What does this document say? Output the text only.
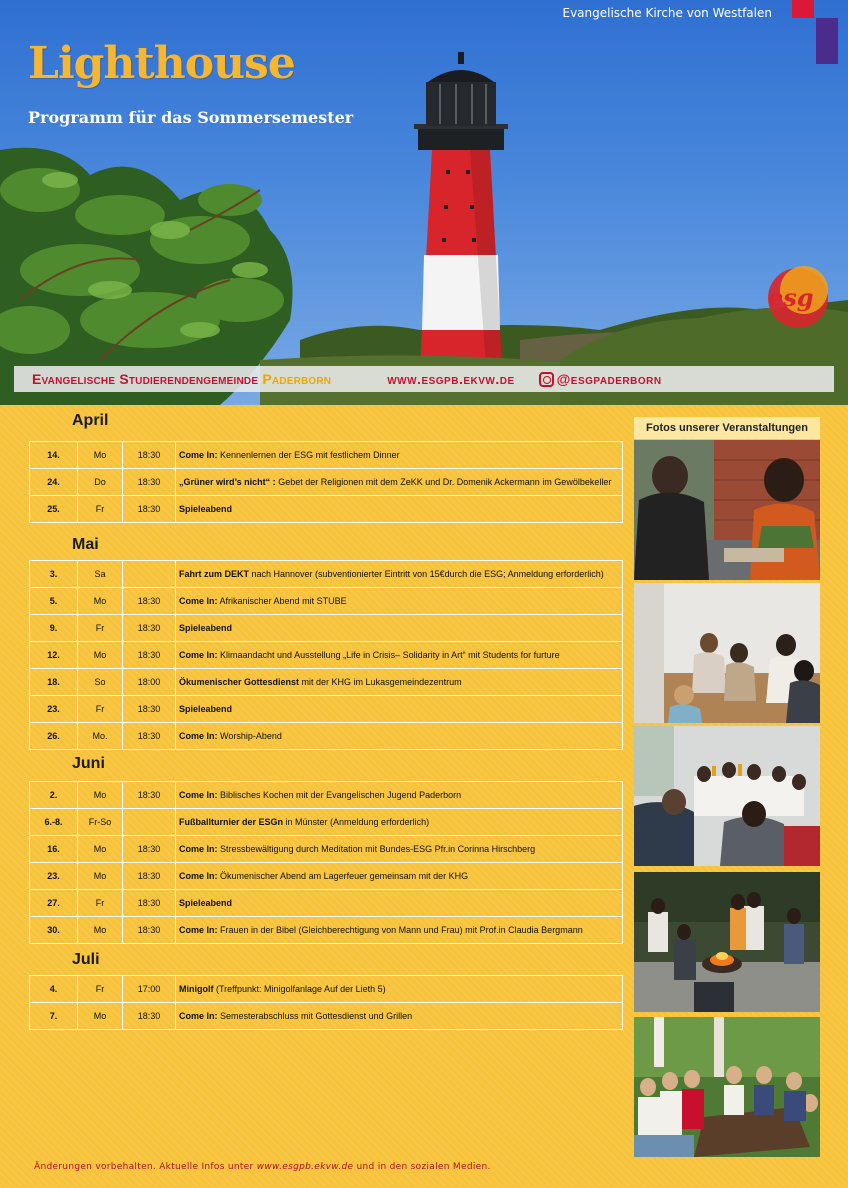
Evangelische Kirche von Westfalen
Lighthouse
Programm für das Sommersemester
esg
Evangelische Studierendengemeinde Paderborn	www.esgpb.ekvw.de	@esgpaderborn
April
14.	Mo	18:30	Come In: Kennenlernen der ESG mit festlichem Dinner
24.	Do	18:30	„Grüner wird’s nicht“ : Gebet der Religionen mit dem ZeKK und Dr. Domenik Ackermann im Gewölbekeller
25.	Fr	18:30	Spieleabend
Mai
3.	Sa		Fahrt zum DEKT nach Hannover (subventionierter Eintritt von 15€durch die ESG; Anmeldung erforderlich)
5.	Mo	18:30	Come In: Afrikanischer Abend mit STUBE
9.	Fr	18:30	Spieleabend
12.	Mo	18:30	Come In: Klimaandacht und Ausstellung „Life in Crisis– Solidarity in Art“ mit Students for furture
18.	So	18:00	Ökumenischer Gottesdienst mit der KHG im Lukasgemeindezentrum
23.	Fr	18:30	Spieleabend
26.	Mo.	18:30	Come In: Worship-Abend
Juni
2.	Mo	18:30	Come In: Biblisches Kochen mit der Evangelischen Jugend Paderborn
6.-8.	Fr-So		Fußballturnier der ESGn in Münster (Anmeldung erforderlich)
16.	Mo	18:30	Come In: Stressbewältigung durch Meditation mit Bundes-ESG Pfr.in Corinna Hirschberg
23.	Mo	18:30	Come In: Ökumenischer Abend am Lagerfeuer gemeinsam mit der KHG
27.	Fr	18:30	Spieleabend
30.	Mo	18:30	Come In: Frauen in der Bibel (Gleichberechtigung von Mann und Frau) mit Prof.in Claudia Bergmann
Juli
4.	Fr	17:00	Minigolf (Treffpunkt: Minigolfanlage Auf der Lieth 5)
7.	Mo	18:30	Come In: Semesterabschluss mit Gottesdienst und Grillen
Fotos unserer Veranstaltungen
Änderungen vorbehalten. Aktuelle Infos unter www.esgpb.ekvw.de und in den sozialen Medien.
